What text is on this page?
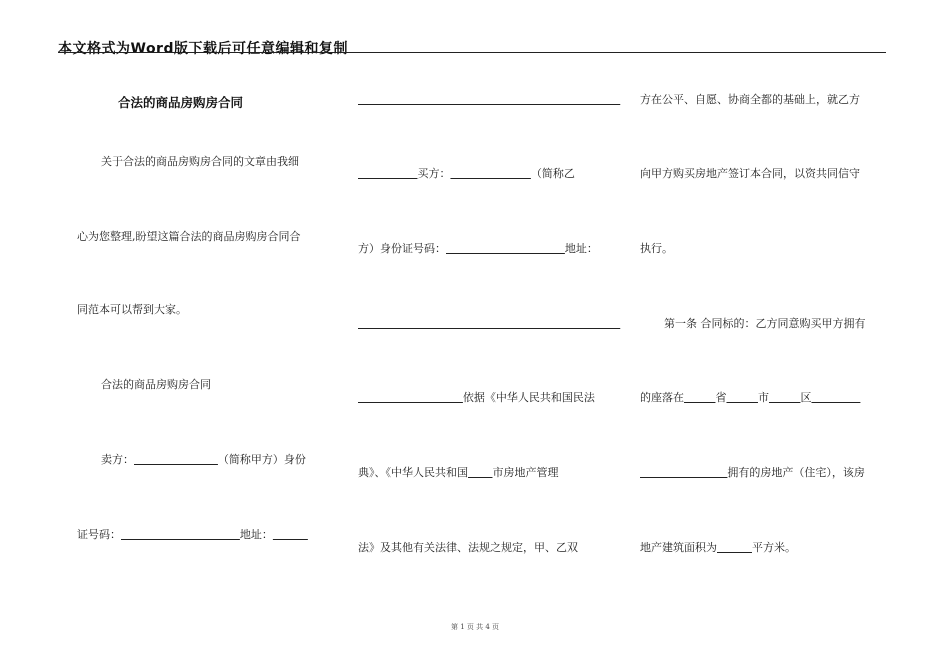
本文格式为Word版下载后可任意编辑和复制
合法的商品房购房合同
关于合法的商品房购房合同的文章由我细
心为您整理,盼望这篇合法的商品房购房合同合
同范本可以帮到大家。
合法的商品房购房合同
卖方：	（简称甲方）身份
证号码：	地址：

买方：	（简称乙
方）身份证号码：	地址：

依据《中华人民共和国民法
典》、《中华人民共和国 市房地产管理
法》及其他有关法律、法规之规定，甲、乙双
方在公平、自愿、协商全都的基础上，就乙方
向甲方购买房地产签订本合同，以资共同信守
执行。
第一条 合同标的：乙方同意购买甲方拥有
的座落在	省	市	区
拥有的房地产（住宅），该房
地产建筑面积为	平方米。
第 1 页 共 4 页
